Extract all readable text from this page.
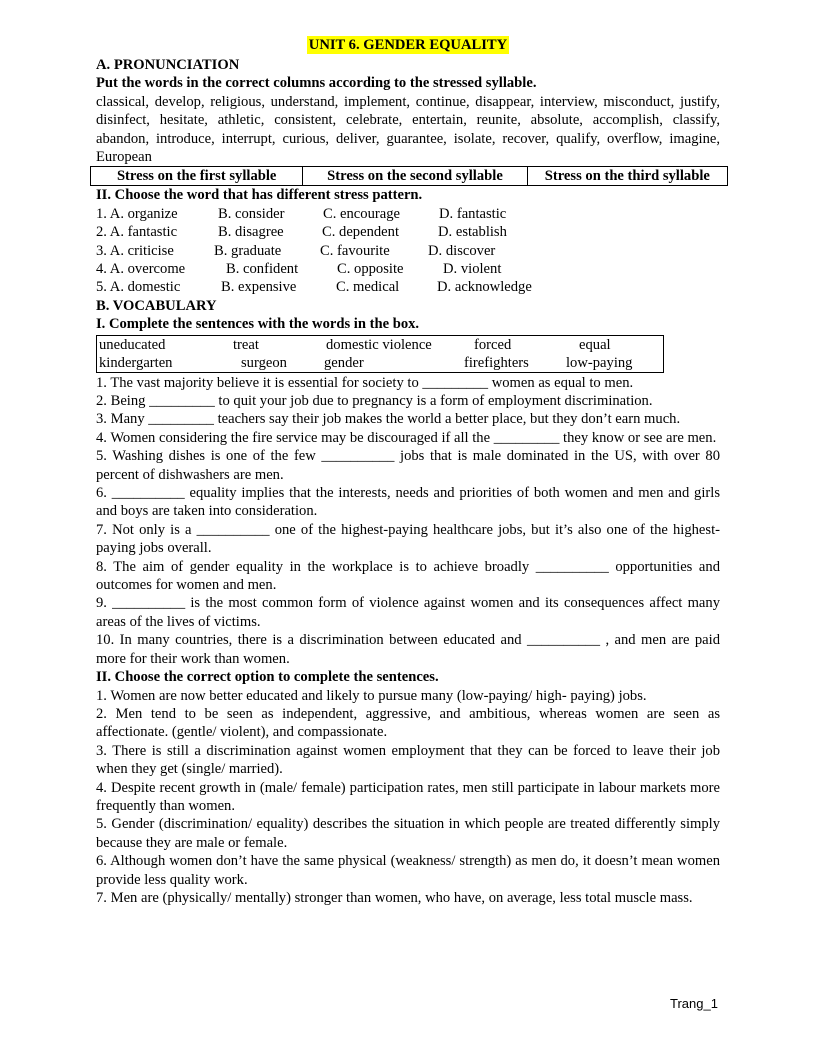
UNIT 6. GENDER EQUALITY
A. PRONUNCIATION
Put the words in the correct columns according to the stressed syllable.
classical, develop, religious, understand, implement, continue, disappear, interview, misconduct, justify, disinfect, hesitate, athletic, consistent, celebrate, entertain, reunite, absolute, accomplish, classify, abandon, introduce, interrupt, curious, deliver, guarantee, isolate, recover, qualify, overflow, imagine, European
Stress on the first syllable	Stress on the second syllable	Stress on the third syllable
II. Choose the word that has different stress pattern.
1. A. organize	B. consider	C. encourage	D. fantastic
2. A. fantastic	B. disagree	C. dependent	D. establish
3. A. criticise	B. graduate	C. favourite	D. discover
4. A. overcome	B. confident	C. opposite	D. violent
5. A. domestic	B. expensive	C. medical	D. acknowledge
B. VOCABULARY
I. Complete the sentences with the words in the box.
uneducated	treat	domestic violence	forced	equal
kindergarten	surgeon	gender	firefighters	low-paying

1. The vast majority believe it is essential for society to _________ women as equal to men.

2. Being _________ to quit your job due to pregnancy is a form of employment discrimination.

3. Many _________ teachers say their job makes the world a better place, but they don’t earn much.

4. Women considering the fire service may be discouraged if all the _________ they know or see are men.

5. Washing dishes is one of the few __________ jobs that is male dominated in the US, with over 80 percent of dishwashers are men.

6. __________ equality implies that the interests, needs and priorities of both women and men and girls and boys are taken into consideration.

7. Not only is a __________ one of the highest-paying healthcare jobs, but it’s also one of the highest-paying jobs overall.

8. The aim of gender equality in the workplace is to achieve broadly __________ opportunities and outcomes for women and men.

9. __________ is the most common form of violence against women and its consequences affect many areas of the lives of victims.

10. In many countries, there is a discrimination between educated and __________ , and men are paid more for their work than women.

II. Choose the correct option to complete the sentences.

1. Women are now better educated and likely to pursue many (low-paying/ high- paying) jobs.

2. Men tend to be seen as independent, aggressive, and ambitious, whereas women are seen as affectionate. (gentle/ violent), and compassionate.

3. There is still a discrimination against women employment that they can be forced to leave their job when they get (single/ married).

4. Despite recent growth in (male/ female) participation rates, men still participate in labour markets more frequently than women.

5. Gender (discrimination/ equality) describes the situation in which people are treated differently simply because they are male or female.

6. Although women don’t have the same physical (weakness/ strength) as men do, it doesn’t mean women provide less quality work.

7. Men are (physically/ mentally) stronger than women, who have, on average, less total muscle mass.

Trang_1
